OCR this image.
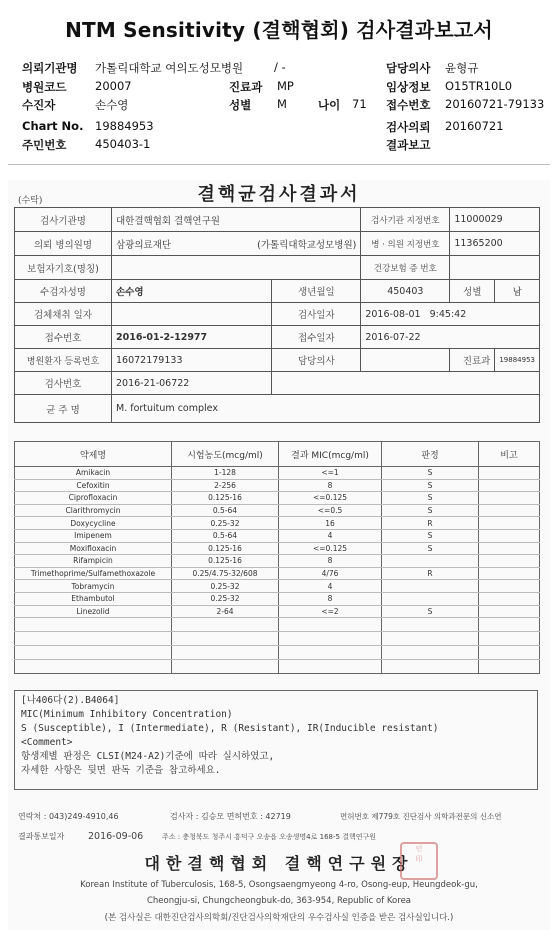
NTM Sensitivity (결핵협회) 검사결과보고서
의뢰기관명 가톨릭대학교 여의도성모병원	/ -	담당의사 윤형규
병원코드 20007	진료과 MP	임상정보 O15TR10L0
수진자	손수영	성별 M	나이 71 접수번호 20160721-79133
Chart No. 19884953	검사의뢰 20160721
주민번호 450403-1	결과보고
(수탁)	결핵균검사결과서
검사기관명	대한결핵협회 결핵연구원		검사기관 지정번호	11000029	
의뢰 병의원명	삼광의료재단 (가톨릭대학교성모병원)		병 · 의원 지정번호	11365200	
보험자기호(명칭)			건강보험 증 번호		
수검자성명	손수영	생년월일	450403	성별	남
검체채취 일자		검사일자	2016-08-01 9:45:42		
접수번호	2016-01-2-12977	접수일자	2016-07-22		
병원환자 등록번호	16072179133	담당의사		진료과	19884953
검사번호	2016-21-06722				
균 주 명	M. fortuitum complex				
약제명	시험농도(mcg/ml)	결과 MIC(mcg/ml)	판정	비고
Amikacin	1-128	<=1	S	
Cefoxitin	2-256	8	S	
Ciprofloxacin	0.125-16	<=0.125	S	
Clarithromycin	0.5-64	<=0.5	S	
Doxycycline	0.25-32	16	R	
Imipenem	0.5-64	4	S	
Moxifloxacin	0.125-16	<=0.125	S	
Rifampicin	0.125-16	8		
Trimethoprime/Sulfamethoxazole	0.25/4.75-32/608	4/76	R	
Tobramycin	0.25-32	4		
Ethambutol	0.25-32	8		
Linezolid	2-64	<=2	S	

[나406다(2).B4064]
MIC(Minimum Inhibitory Concentration)
S (Susceptible), I (Intermediate), R (Resistant), IR(Inducible resistant)
<Comment>
항생제별 판정은 CLSI(M24-A2)기준에 따라 실시하였고,
자세한 사항은 뒷면 판독 기준을 참고하세요.
연락처 : 043)249-4910,46	검사자 : 김승모 면허번호 : 42719	면허번호 제779호 진단검사 의학과전문의 신소연
결과통보일자 2016-09-06	주소 : 충청북도 청주시 흥덕구 오송읍 오송생명4로 168-5 결핵연구원
대한결핵협회 결핵연구원장
인
印
Korean Institute of Tuberculosis, 168-5, Osongsaengmyeong 4-ro, Osong-eup, Heungdeok-gu,
Cheongju-si, Chungcheongbuk-do, 363-954, Republic of Korea
(본 검사실은 대한진단검사의학회/진단검사의학재단의 우수검사실 인증을 받은 검사실입니다.)
